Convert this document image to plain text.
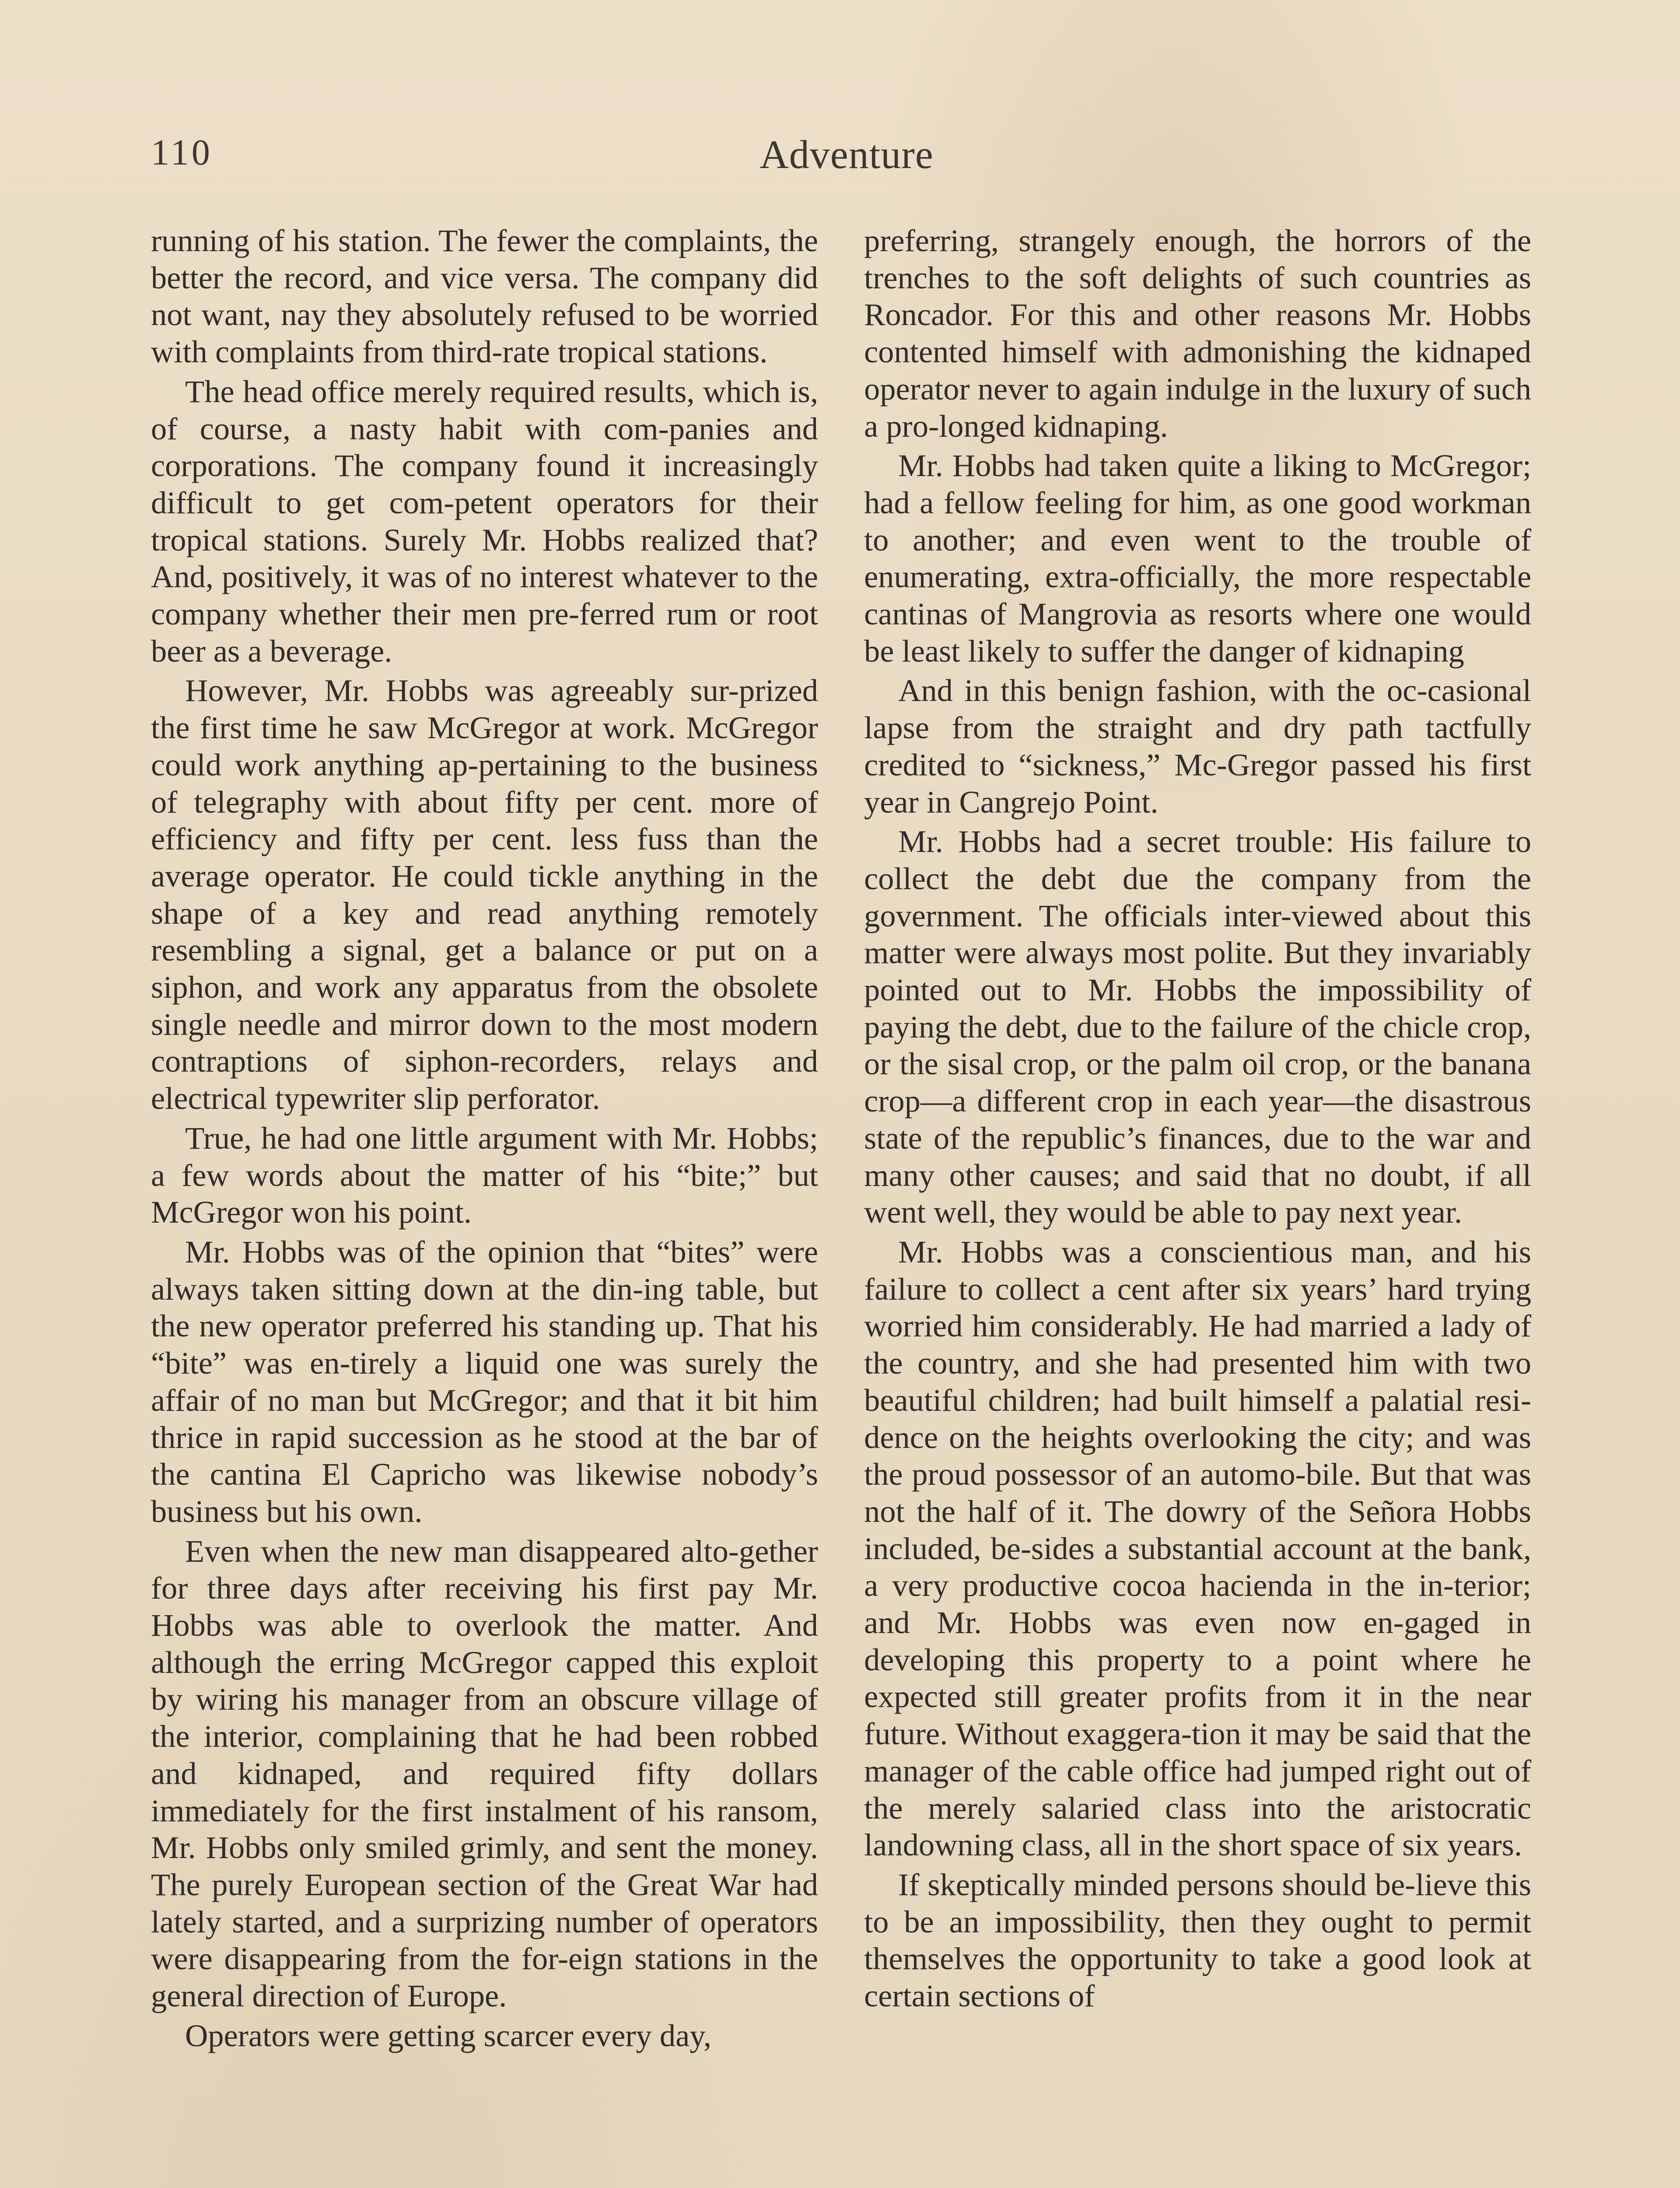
110	Adventure

running of his station. The fewer the complaints, the better the record, and vice versa. The company did not want, nay they absolutely refused to be worried with complaints from third-rate tropical stations.

The head office merely required results, which is, of course, a nasty habit with com-panies and corporations. The company found it increasingly difficult to get com-petent operators for their tropical stations. Surely Mr. Hobbs realized that? And, positively, it was of no interest whatever to the company whether their men pre-ferred rum or root beer as a beverage.

However, Mr. Hobbs was agreeably sur-prized the first time he saw McGregor at work. McGregor could work anything ap-pertaining to the business of telegraphy with about fifty per cent. more of efficiency and fifty per cent. less fuss than the average operator. He could tickle anything in the shape of a key and read anything remotely resembling a signal, get a balance or put on a siphon, and work any apparatus from the obsolete single needle and mirror down to the most modern contraptions of siphon-recorders, relays and electrical typewriter slip perforator.

True, he had one little argument with Mr. Hobbs; a few words about the matter of his “bite;” but McGregor won his point.

Mr. Hobbs was of the opinion that “bites” were always taken sitting down at the din-ing table, but the new operator preferred his standing up. That his “bite” was en-tirely a liquid one was surely the affair of no man but McGregor; and that it bit him thrice in rapid succession as he stood at the bar of the cantina El Capricho was likewise nobody’s business but his own.

Even when the new man disappeared alto-gether for three days after receiving his first pay Mr. Hobbs was able to overlook the matter. And although the erring McGregor capped this exploit by wiring his manager from an obscure village of the interior, complaining that he had been robbed and kidnaped, and required fifty dollars immediately for the first instalment of his ransom, Mr. Hobbs only smiled grimly, and sent the money. The purely European section of the Great War had lately started, and a surprizing number of operators were disappearing from the for-eign stations in the general direction of Europe.

Operators were getting scarcer every day,

preferring, strangely enough, the horrors of the trenches to the soft delights of such countries as Roncador. For this and other reasons Mr. Hobbs contented himself with admonishing the kidnaped operator never to again indulge in the luxury of such a pro-longed kidnaping.

Mr. Hobbs had taken quite a liking to McGregor; had a fellow feeling for him, as one good workman to another; and even went to the trouble of enumerating, extra-officially, the more respectable cantinas of Mangrovia as resorts where one would be least likely to suffer the danger of kidnaping

And in this benign fashion, with the oc-casional lapse from the straight and dry path tactfully credited to “sickness,” Mc-Gregor passed his first year in Cangrejo Point.

Mr. Hobbs had a secret trouble: His failure to collect the debt due the company from the government. The officials inter-viewed about this matter were always most polite. But they invariably pointed out to Mr. Hobbs the impossibility of paying the debt, due to the failure of the chicle crop, or the sisal crop, or the palm oil crop, or the banana crop—a different crop in each year—the disastrous state of the republic’s finances, due to the war and many other causes; and said that no doubt, if all went well, they would be able to pay next year.

Mr. Hobbs was a conscientious man, and his failure to collect a cent after six years’ hard trying worried him considerably. He had married a lady of the country, and she had presented him with two beautiful children; had built himself a palatial resi-dence on the heights overlooking the city; and was the proud possessor of an automo-bile. But that was not the half of it. The dowry of the Señora Hobbs included, be-sides a substantial account at the bank, a very productive cocoa hacienda in the in-terior; and Mr. Hobbs was even now en-gaged in developing this property to a point where he expected still greater profits from it in the near future. Without exaggera-tion it may be said that the manager of the cable office had jumped right out of the merely salaried class into the aristocratic landowning class, all in the short space of six years.

If skeptically minded persons should be-lieve this to be an impossibility, then they ought to permit themselves the opportunity to take a good look at certain sections of
